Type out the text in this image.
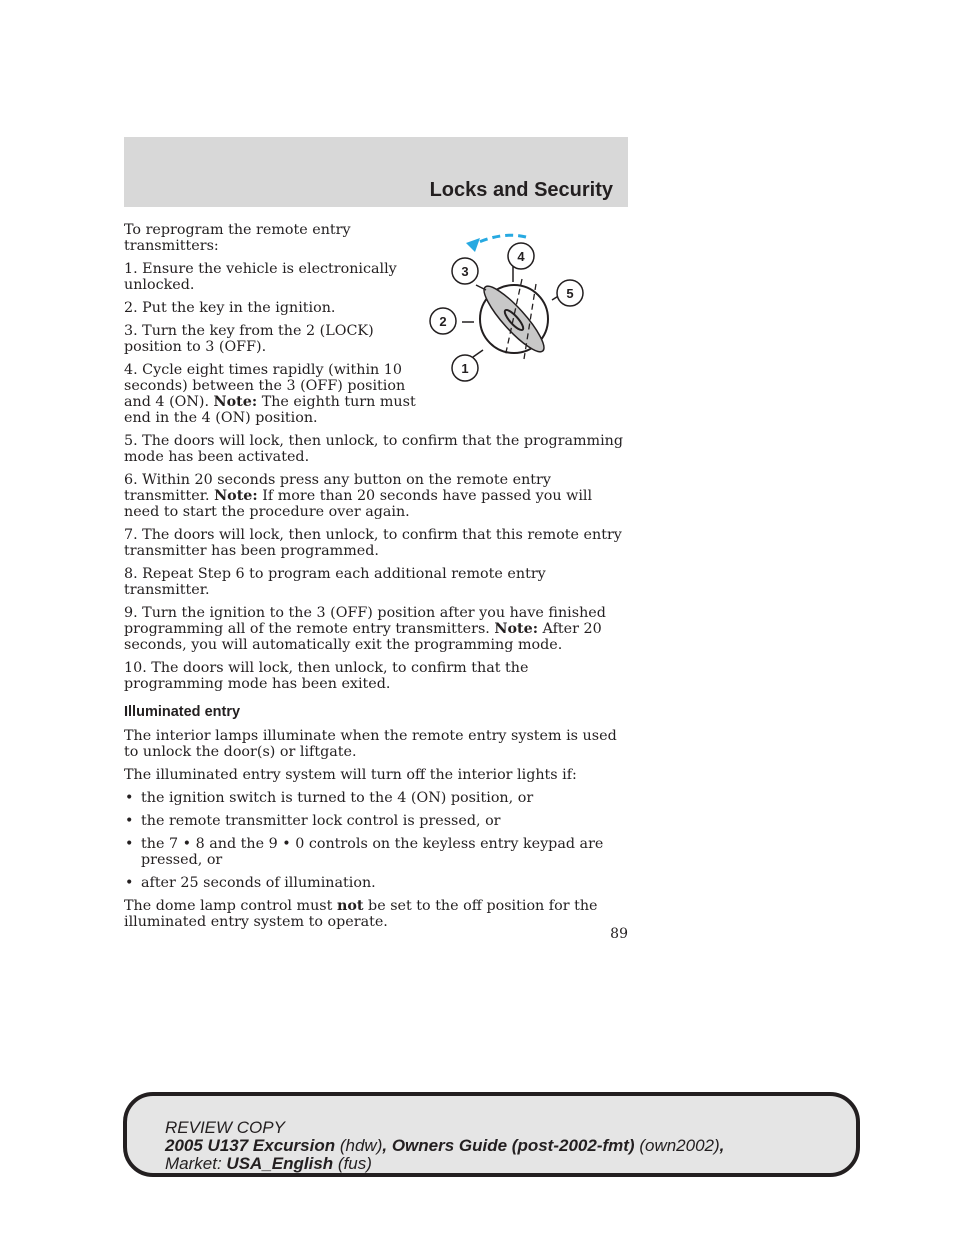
Locks and Security
3
4
5
2
1

To reprogram the remote entry transmitters:

1. Ensure the vehicle is electronically unlocked.

2. Put the key in the ignition.

3. Turn the key from the 2 (LOCK) position to 3 (OFF).

4. Cycle eight times rapidly (within 10 seconds) between the 3 (OFF) position and 4 (ON). Note: The eighth turn must end in the 4 (ON) position.

5. The doors will lock, then unlock, to confirm that the programming mode has been activated.

6. Within 20 seconds press any button on the remote entry transmitter. Note: If more than 20 seconds have passed you will need to start the procedure over again.

7. The doors will lock, then unlock, to confirm that this remote entry transmitter has been programmed.

8. Repeat Step 6 to program each additional remote entry transmitter.

9. Turn the ignition to the 3 (OFF) position after you have finished programming all of the remote entry transmitters. Note: After 20 seconds, you will automatically exit the programming mode.

10. The doors will lock, then unlock, to confirm that the programming mode has been exited.

Illuminated entry

The interior lamps illuminate when the remote entry system is used to unlock the door(s) or liftgate.

The illuminated entry system will turn off the interior lights if:

• the ignition switch is turned to the 4 (ON) position, or
• the remote transmitter lock control is pressed, or
• the 7 • 8 and the 9 • 0 controls on the keyless entry keypad are pressed, or
• after 25 seconds of illumination.

The dome lamp control must not be set to the off position for the illuminated entry system to operate.

89
REVIEW COPY
2005 U137 Excursion (hdw), Owners Guide (post-2002-fmt) (own2002),
Market: USA_English (fus)
